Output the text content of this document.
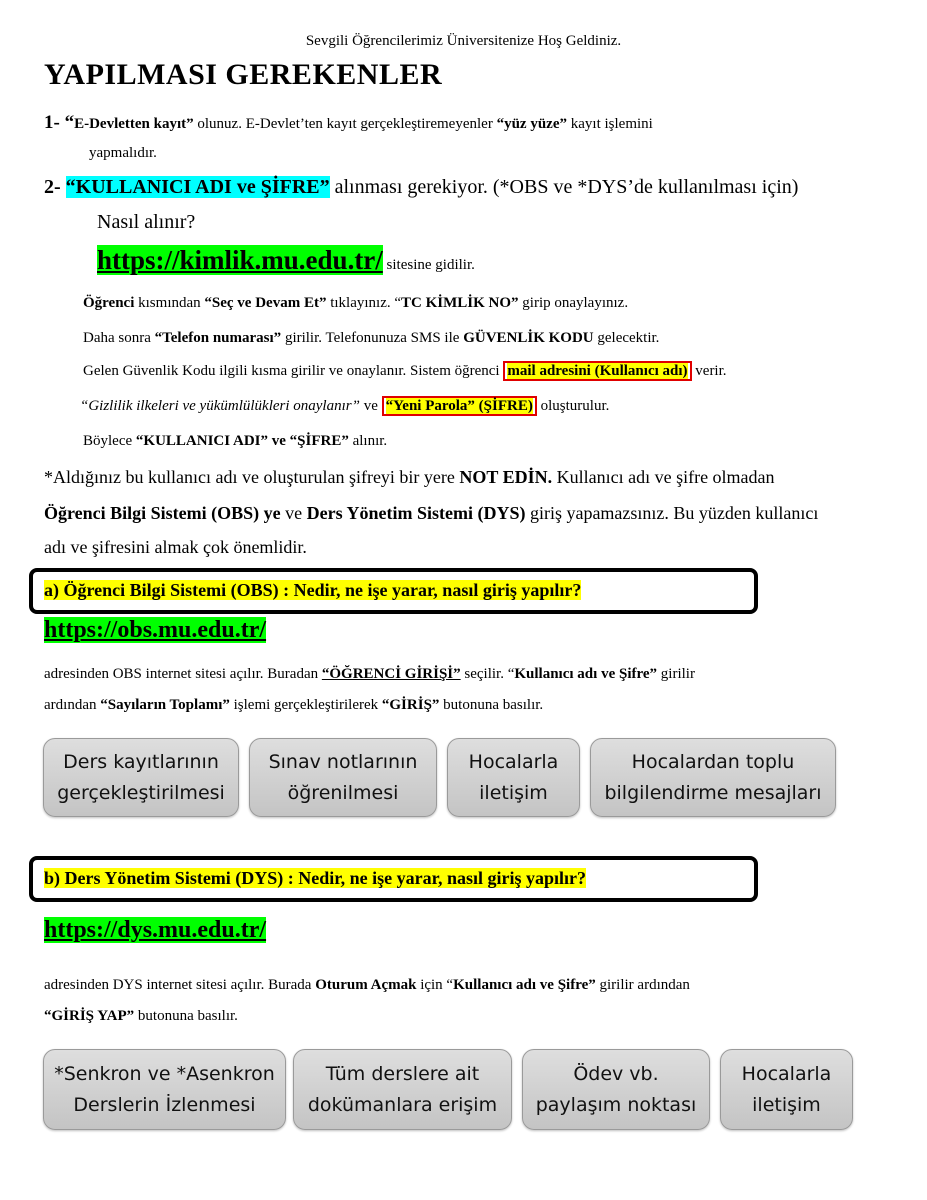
Sevgili Öğrencilerimiz Üniversitenize Hoş Geldiniz.
YAPILMASI GEREKENLER
1- “E-Devletten kayıt” olunuz. E-Devlet’ten kayıt gerçekleştiremeyenler “yüz yüze” kayıt işlemini
yapmalıdır.
2- “KULLANICI ADI ve ŞİFRE” alınması gerekiyor. (*OBS ve *DYS’de kullanılması için)
Nasıl alınır?
https://kimlik.mu.edu.tr/ sitesine gidilir.
Öğrenci kısmından “Seç ve Devam Et” tıklayınız. “TC KİMLİK NO” girip onaylayınız.
Daha sonra “Telefon numarası” girilir. Telefonunuza SMS ile GÜVENLİK KODU gelecektir.
Gelen Güvenlik Kodu ilgili kısma girilir ve onaylanır. Sistem öğrenci mail adresini (Kullanıcı adı) verir.
“Gizlilik ilkeleri ve yükümlülükleri onaylanır” ve “Yeni Parola” (ŞİFRE) oluşturulur.
Böylece “KULLANICI ADI” ve “ŞİFRE” alınır.
*Aldığınız bu kullanıcı adı ve oluşturulan şifreyi bir yere NOT EDİN. Kullanıcı adı ve şifre olmadan
Öğrenci Bilgi Sistemi (OBS) ye ve Ders Yönetim Sistemi (DYS) giriş yapamazsınız. Bu yüzden kullanıcı
adı ve şifresini almak çok önemlidir.
a) Öğrenci Bilgi Sistemi (OBS) : Nedir, ne işe yarar, nasıl giriş yapılır?
https://obs.mu.edu.tr/
adresinden OBS internet sitesi açılır. Buradan “ÖĞRENCİ GİRİŞİ” seçilir. “Kullanıcı adı ve Şifre” girilir
ardından “Sayıların Toplamı” işlemi gerçekleştirilerek “GİRİŞ” butonuna basılır.
Ders kayıtlarının
gerçekleştirilmesi
Sınav notlarının
öğrenilmesi
Hocalarla
iletişim
Hocalardan toplu
bilgilendirme mesajları
b) Ders Yönetim Sistemi (DYS) : Nedir, ne işe yarar, nasıl giriş yapılır?
https://dys.mu.edu.tr/
adresinden DYS internet sitesi açılır. Burada Oturum Açmak için “Kullanıcı adı ve Şifre” girilir ardından
“GİRİŞ YAP” butonuna basılır.
*Senkron ve *Asenkron
Derslerin İzlenmesi
Tüm derslere ait
dokümanlara erişim
Ödev vb.
paylaşım noktası
Hocalarla
iletişim
